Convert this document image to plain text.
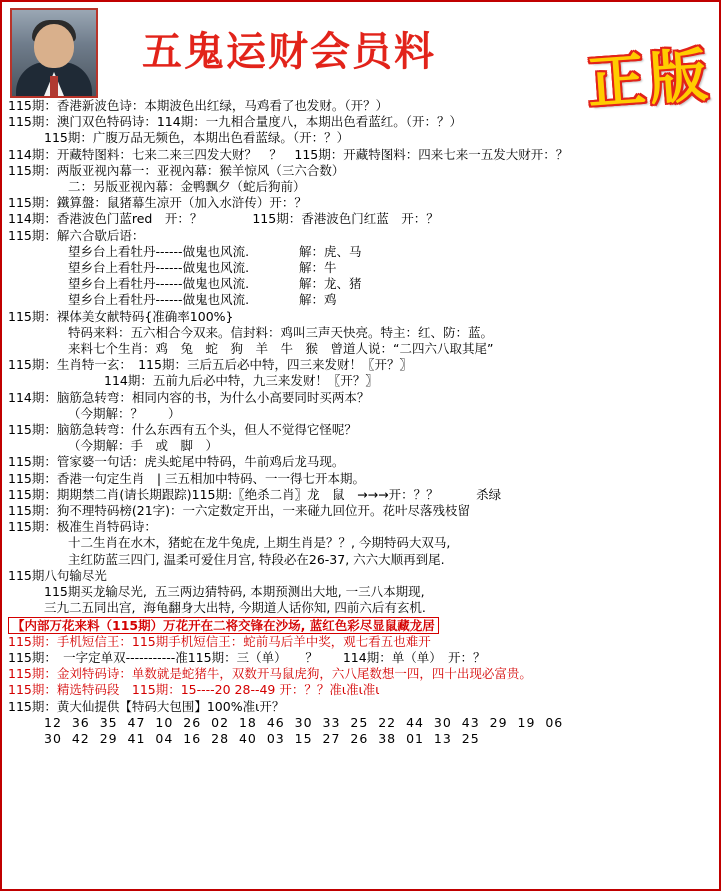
五鬼运财会员料	正版
115期：香港新波色诗：本期波色出红绿，马鸡看了也发财。（开？）
115期：澳门双色特码诗：114期：一九相合量度八，本期出色看蓝红。（开：？）
115期：广腹万品无频色，本期出色看蓝绿。（开：？）
114期：开藏特图料：七来二来三四发大财？　？　115期：开藏特图料：四来七来一五发大财开：？
115期：两版亚视內幕一：亚视內幕：猴羊惊风（三六合数）
二：另版亚视內幕：金鸭飘夕（蛇后狗前）
115期：鐵算盤：鼠猪幕生凉开（加入水浒传）开：？
114期：香港波色门蓝red　开：？　　　　115期：香港波色门红蓝　开：？
115期：解六合歇后语：
望乡台上看牡丹------做鬼也风流.　　　　解：虎、马
望乡台上看牡丹------做鬼也风流.　　　　解：牛
望乡台上看牡丹------做鬼也风流.　　　　解：龙、猪
望乡台上看牡丹------做鬼也风流.　　　　解：鸡
115期：裸体美女献特码{准确率100%}
特码来料：五六相合今双来。信封料：鸡叫三声天快亮。特主：红、防：蓝。
来料七个生肖：鸡　兔　蛇　狗　羊　牛　猴　曾道人说：“二四六八取其尾”
115期：生肖特一玄：　115期：三后五后必中特，四三来发财！〖开？〗
114期：五前九后必中特，九三来发财！〖开？〗
114期：脑筋急转弯：相同内容的书，为什么小高要同时买两本？
（今期解：？　　）
115期：脑筋急转弯：什么东西有五个头，但人不觉得它怪呢？
（今期解：手　或　脚　）
115期：管家婆一句话：虎头蛇尾中特码，牛前鸡后龙马现。
115期：香港一句定生肖　| 三五相加中特码、一一得七开本期。
115期：期期禁二肖(请长期跟踪)115期:〖绝杀二肖〗龙　鼠　→→→开：？？　　　杀绿
115期：狗不理特码榜(21字)：一六定数定开出，一来碰九回位开。花叶尽落残枝留
115期：极准生肖特码诗：
十二生肖在水木，猪蛇在龙牛兔虎, 上期生肖是？？, 今期特码大双马,
主红防蓝三四门, 温柔可爱住月宫, 特段必在26-37, 六六大顺再到尾.
115期八句输尽光
115期买龙输尽光,  五三两边猜特码, 本期预测出大地, 一三八本期现,
三九二五同出宫,  海龟翻身大出特, 今期道人话你知, 四前六后有玄机.
【内部万花来料（115期）万花开在二将交锋在沙场, 蓝红色彩尽显鼠藏龙居
115期：手机短信王：115期手机短信王：蛇前马后羊中奖，观七看五也难开
115期：　一字定单双-----------准115期：三（单）　　？　　114期：单（单）　开：？
115期：金刘特码诗：单数就是蛇猪牛，双数开马鼠虎狗，六八尾数想一四，四十出现必富贵。
115期：精选特码段　115期：15----20 28--49 开：？？准ι准ι准ι
115期：黄大仙提供【特码大包围】100%准ι开？
12  36  35  47  10  26  02  18  46  30  33  25  22  44  30  43  29  19  06
30  42  29  41  04  16  28  40  03  15  27  26  38  01  13  25
